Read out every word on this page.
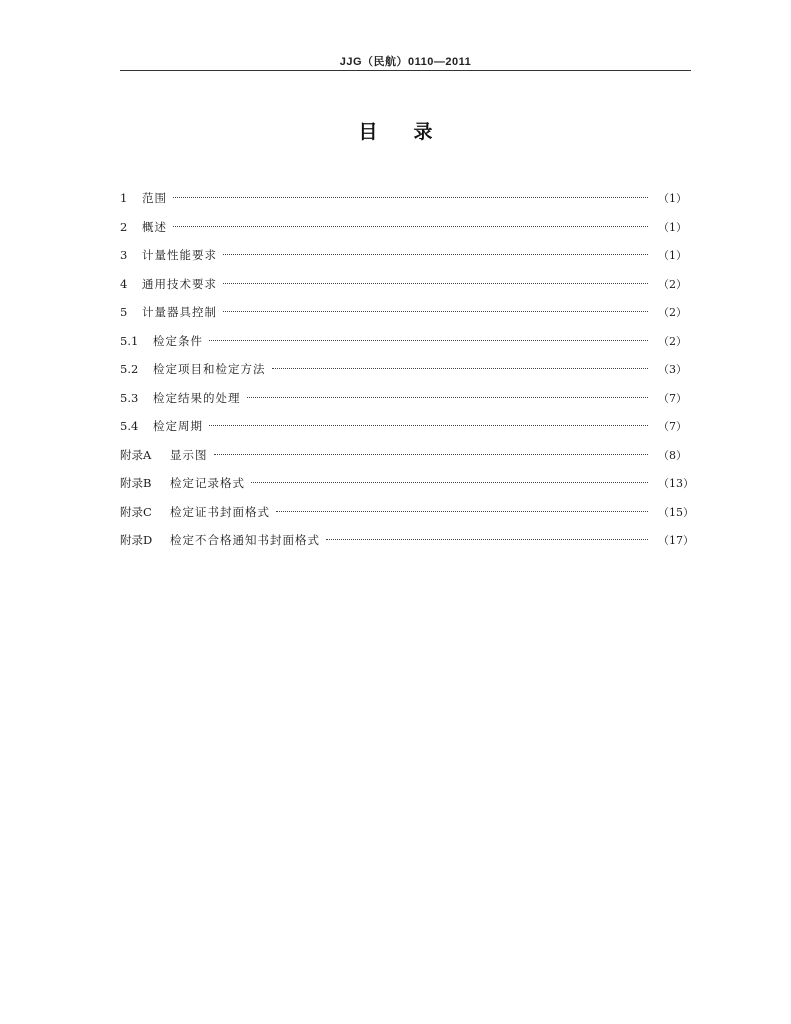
JJG（民航）0110—2011
目录
1	范围	（1）
2	概述	（1）
3	计量性能要求	（1）
4	通用技术要求	（2）
5	计量器具控制	（2）
5.1	检定条件	（2）
5.2	检定项目和检定方法	（3）
5.3	检定结果的处理	（7）
5.4	检定周期	（7）
附录A	显示图	（8）
附录B	检定记录格式	（13）
附录C	检定证书封面格式	（15）
附录D	检定不合格通知书封面格式	（17）
